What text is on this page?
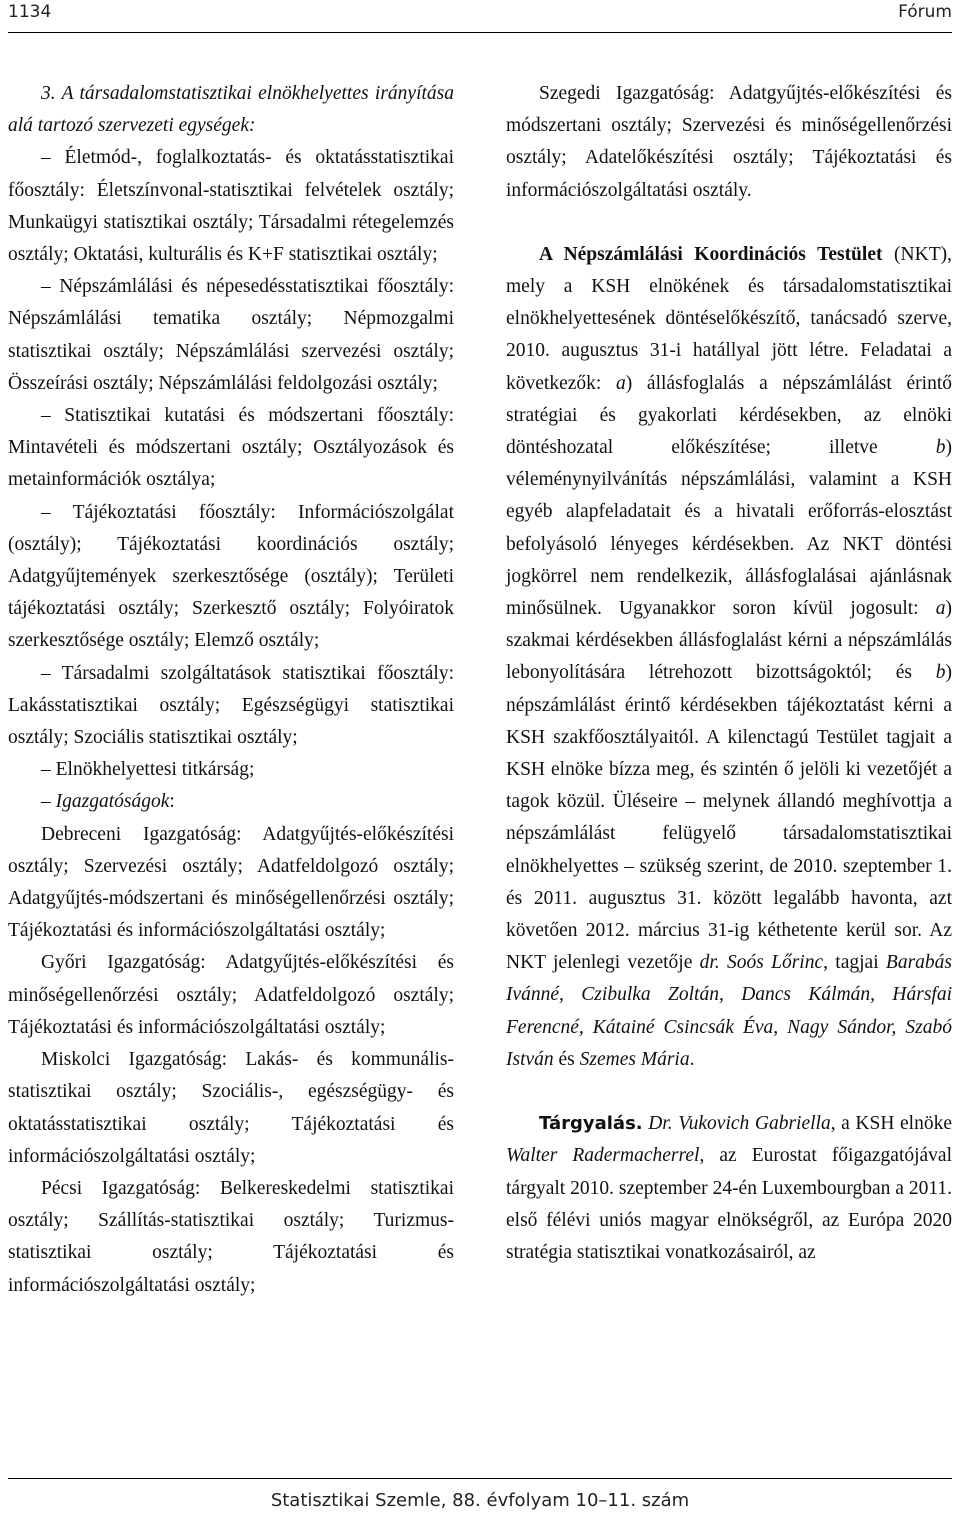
1134	Fórum

3. A társadalomstatisztikai elnökhelyettes irányítása alá tartozó szervezeti egységek:

– Életmód-, foglalkoztatás- és oktatásstatisztikai főosztály: Életszínvonal-statisztikai felvételek osztály; Munkaügyi statisztikai osztály; Társadalmi rétegelemzés osztály; Oktatási, kulturális és K+F statisztikai osztály;

– Népszámlálási és népesedésstatisztikai főosztály: Népszámlálási tematika osztály; Népmozgalmi statisztikai osztály; Népszámlálási szervezési osztály; Összeírási osztály; Népszámlálási feldolgozási osztály;

– Statisztikai kutatási és módszertani főosztály: Mintavételi és módszertani osztály; Osztályozások és metainformációk osztálya;

– Tájékoztatási főosztály: Információszolgálat (osztály); Tájékoztatási koordinációs osztály; Adatgyűjtemények szerkesztősége (osztály); Területi tájékoztatási osztály; Szerkesztő osztály; Folyóiratok szerkesztősége osztály; Elemző osztály;

– Társadalmi szolgáltatások statisztikai főosztály: Lakásstatisztikai osztály; Egészségügyi statisztikai osztály; Szociális statisztikai osztály;

– Elnökhelyettesi titkárság;

– Igazgatóságok:

Debreceni Igazgatóság: Adatgyűjtés-előkészítési osztály; Szervezési osztály; Adatfeldolgozó osztály; Adatgyűjtés-módszertani és minőségellenőrzési osztály; Tájékoztatási és információszolgáltatási osztály;

Győri Igazgatóság: Adatgyűjtés-előkészítési és minőségellenőrzési osztály; Adatfeldolgozó osztály; Tájékoztatási és információszolgáltatási osztály;

Miskolci Igazgatóság: Lakás- és kommunális-statisztikai osztály; Szociális-, egészségügy- és oktatásstatisztikai osztály; Tájékoztatási és információszolgáltatási osztály;

Pécsi Igazgatóság: Belkereskedelmi statisztikai osztály; Szállítás-statisztikai osztály; Turizmus-statisztikai osztály; Tájékoztatási és információszolgáltatási osztály;

Szegedi Igazgatóság: Adatgyűjtés-előkészítési és módszertani osztály; Szervezési és minőségellenőrzési osztály; Adatelőkészítési osztály; Tájékoztatási és információszolgáltatási osztály.

A Népszámlálási Koordinációs Testület (NKT), mely a KSH elnökének és társadalomstatisztikai elnökhelyettesének döntéselőkészítő, tanácsadó szerve, 2010. augusztus 31-i hatállyal jött létre. Feladatai a következők: a) állásfoglalás a népszámlálást érintő stratégiai és gyakorlati kérdésekben, az elnöki döntéshozatal előkészítése; illetve b) véleménynyilvánítás népszámlálási, valamint a KSH egyéb alapfeladatait és a hivatali erőforrás-elosztást befolyásoló lényeges kérdésekben. Az NKT döntési jogkörrel nem rendelkezik, állásfoglalásai ajánlásnak minősülnek. Ugyanakkor soron kívül jogosult: a) szakmai kérdésekben állásfoglalást kérni a népszámlálás lebonyolítására létrehozott bizottságoktól; és b) népszámlálást érintő kérdésekben tájékoztatást kérni a KSH szakfőosztályaitól. A kilenctagú Testület tagjait a KSH elnöke bízza meg, és szintén ő jelöli ki vezetőjét a tagok közül. Üléseire – melynek állandó meghívottja a népszámlálást felügyelő társadalomstatisztikai elnökhelyettes – szükség szerint, de 2010. szeptember 1. és 2011. augusztus 31. között legalább havonta, azt követően 2012. március 31-ig kéthetente kerül sor. Az NKT jelenlegi vezetője dr. Soós Lőrinc, tagjai Barabás Ivánné, Czibulka Zoltán, Dancs Kálmán, Hársfai Ferencné, Kátainé Csincsák Éva, Nagy Sándor, Szabó István és Szemes Mária.

Tárgyalás. Dr. Vukovich Gabriella, a KSH elnöke Walter Radermacherrel, az Eurostat főigazgatójával tárgyalt 2010. szeptember 24-én Luxembourgban a 2011. első félévi uniós magyar elnökségről, az Európa 2020 stratégia statisztikai vonatkozásairól, az

Statisztikai Szemle, 88. évfolyam 10–11. szám
